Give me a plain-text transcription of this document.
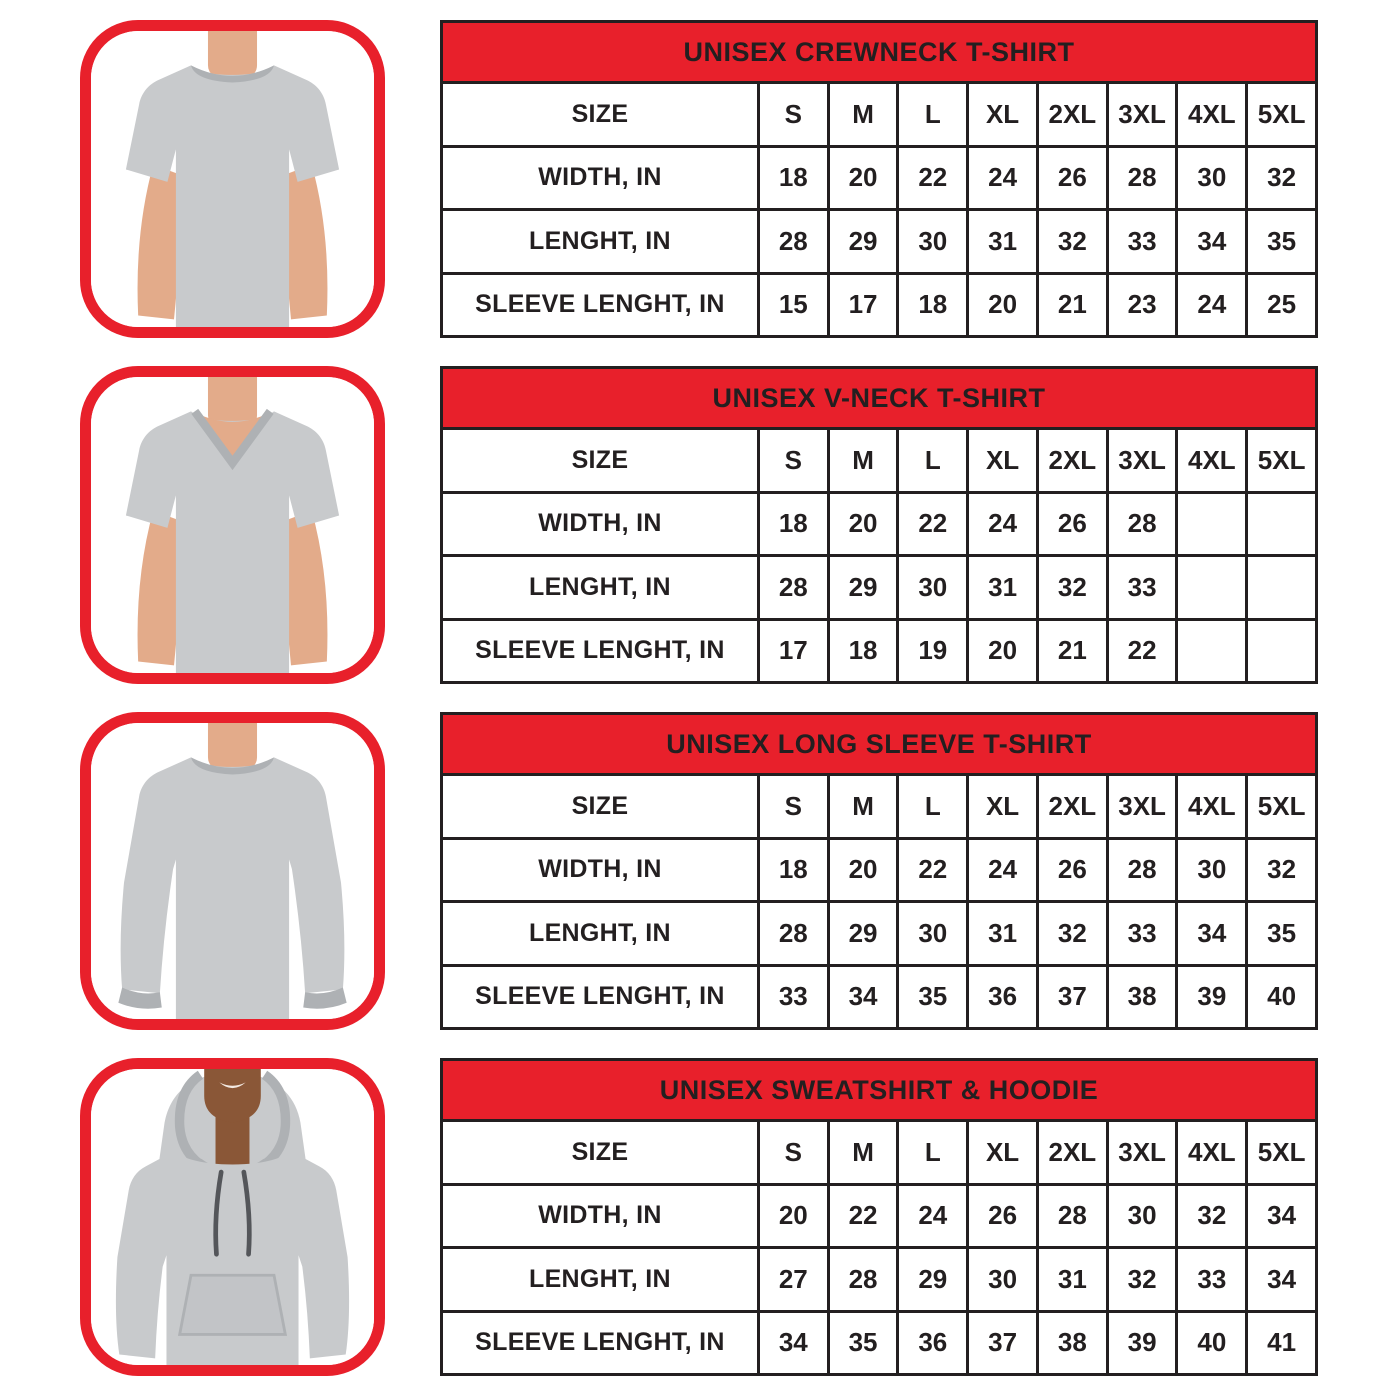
UNISEX CREWNECK T-SHIRT
SIZE	S	M	L	XL	2XL 3XL 4XL 5XL
WIDTH, IN	18	20	22	24	26	28	30	32
LENGHT, IN	28	29	30	31	32	33	34	35
SLEEVE LENGHT, IN	15	17	18	20	21	23	24	25
UNISEX V-NECK T-SHIRT
SIZE	S	M	L	XL	2XL 3XL 4XL 5XL
WIDTH, IN	18	20	22	24	26	28
LENGHT, IN	28	29	30	31	32	33
SLEEVE LENGHT, IN	17	18	19	20	21	22
UNISEX LONG SLEEVE T-SHIRT
SIZE	S	M	L	XL	2XL 3XL 4XL 5XL
WIDTH, IN	18	20	22	24	26	28	30	32
LENGHT, IN	28	29	30	31	32	33	34	35
SLEEVE LENGHT, IN	33	34	35	36	37	38	39	40
UNISEX SWEATSHIRT & HOODIE
SIZE	S	M	L	XL	2XL 3XL 4XL 5XL
WIDTH, IN	20	22	24	26	28	30	32	34
LENGHT, IN	27	28	29	30	31	32	33	34
SLEEVE LENGHT, IN	34	35	36	37	38	39	40	41
